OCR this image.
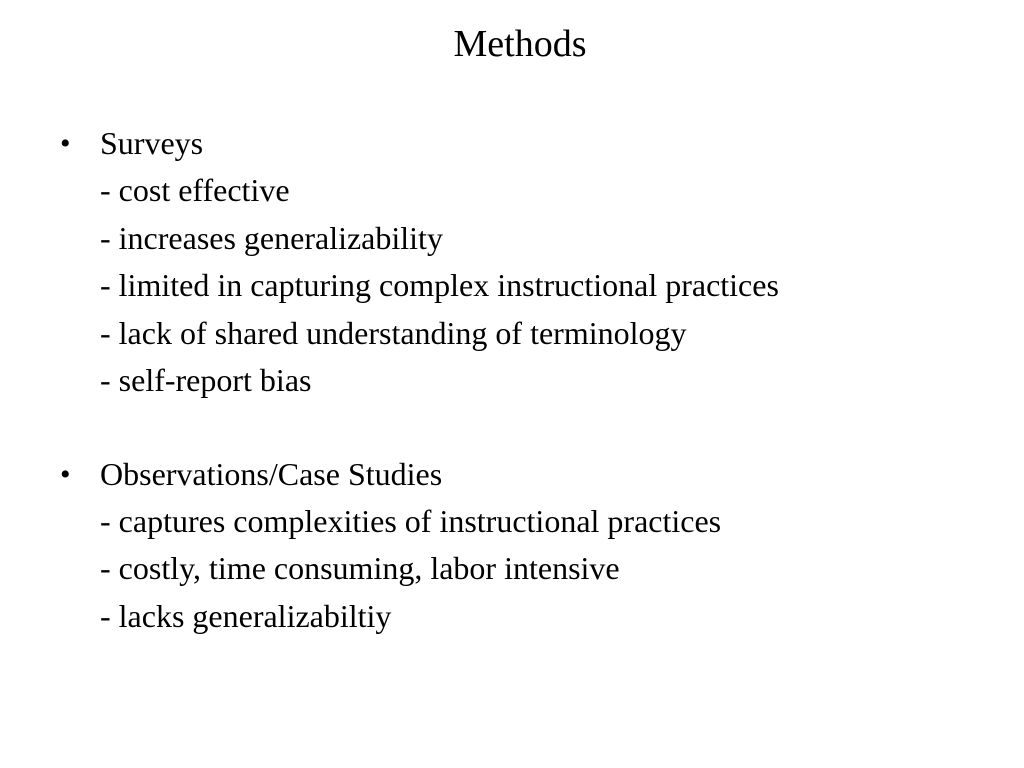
Methods
• Surveys
- cost effective
- increases generalizability
- limited in capturing complex instructional practices
- lack of shared understanding of terminology
- self-report bias
• Observations/Case Studies
- captures complexities of instructional practices
- costly, time consuming, labor intensive
- lacks generalizabiltiy
